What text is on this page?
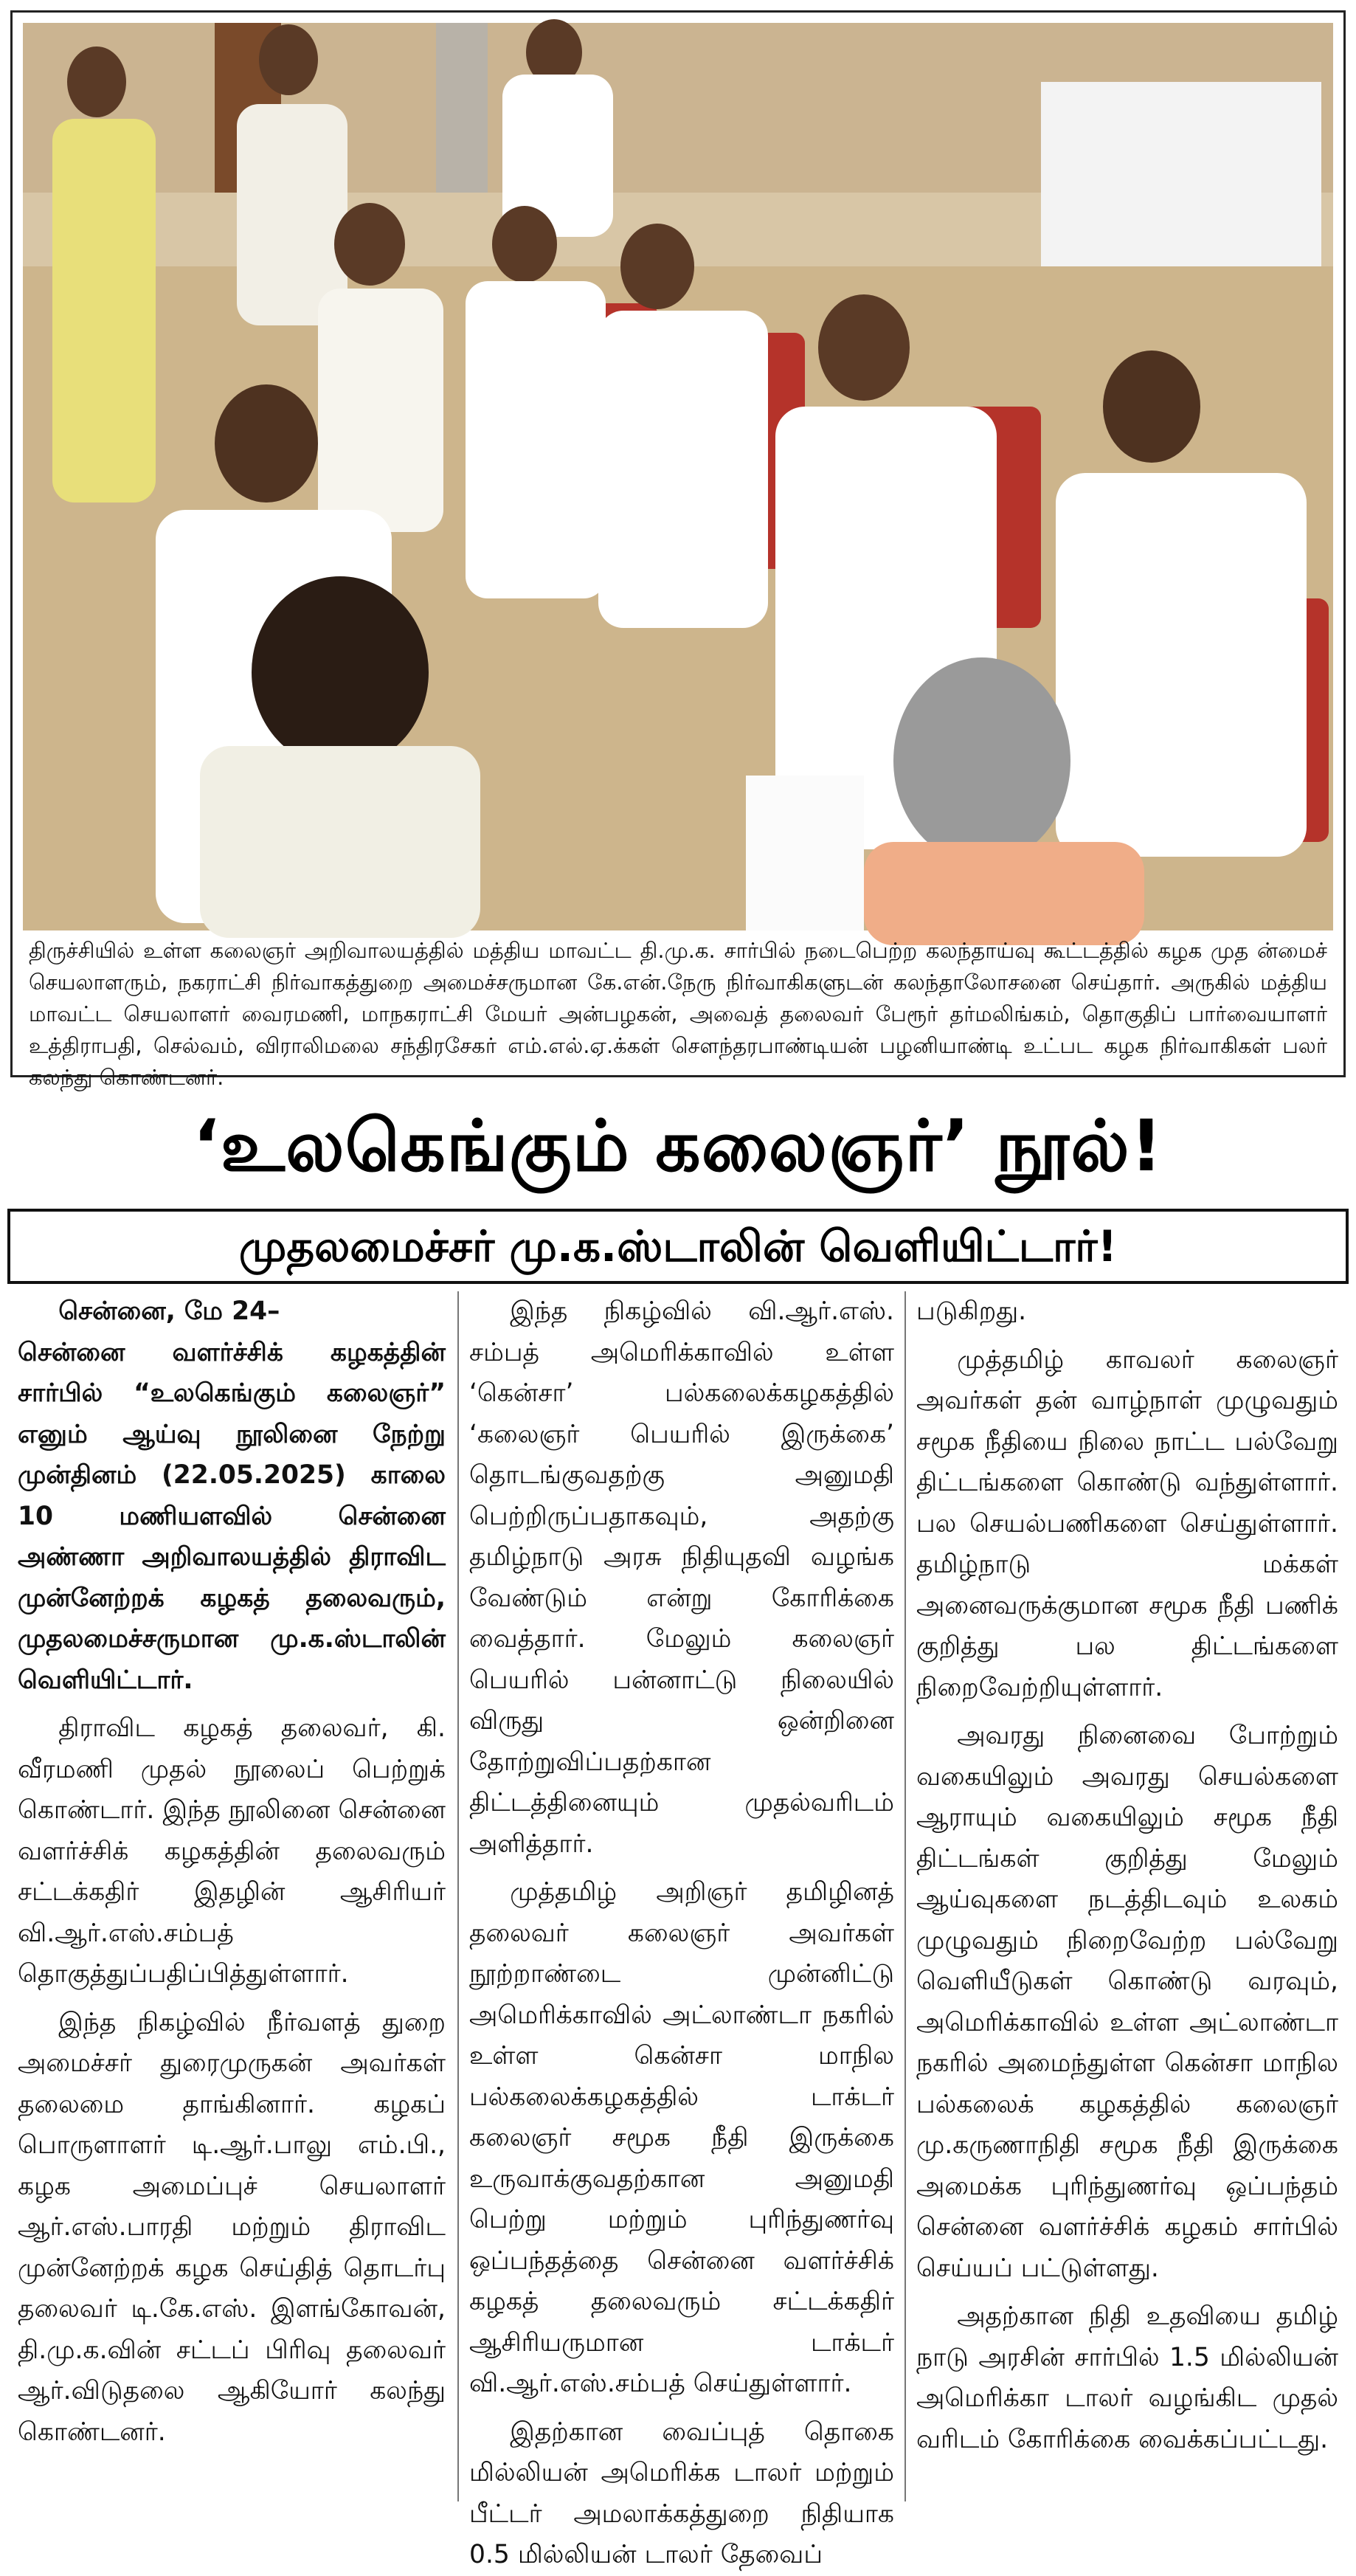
திருச்சியில் உள்ள கலைஞர் அறிவாலயத்தில் மத்திய மாவட்ட தி.மு.க. சார்பில் நடைபெற்ற கலந்தாய்வு கூட்டத்தில் கழக முத ன்மைச் செயலாளரும், நகராட்சி நிர்வாகத்துறை அமைச்சருமான கே.என்.நேரு நிர்வாகிகளுடன் கலந்தாலோசனை செய்தார். அருகில் மத்திய மாவட்ட செயலாளர் வைரமணி, மாநகராட்சி மேயர் அன்பழகன், அவைத் தலைவர் பேரூர் தர்மலிங்கம், தொகுதிப் பார்வையாளர் உத்திராபதி, செல்வம், விராலிமலை சந்திரசேகர் எம்.எல்.ஏ.க்கள் சௌந்தரபாண்டியன் பழனியாண்டி உட்பட கழக நிர்வாகிகள் பலர் கலந்து கொண்டனர்.
‘உலகெங்கும் கலைஞர்’ நூல்!
முதலமைச்சர் மு.க.ஸ்டாலின் வெளியிட்டார்!

சென்னை, மே 24–
சென்னை வளர்ச்சிக் கழகத்தின் சார்பில் “உலகெங்கும் கலைஞர்” எனும் ஆய்வு நூலினை நேற்று முன்தினம் (22.05.2025) காலை 10 மணியளவில் சென்னை அண்ணா அறிவாலயத்தில் திராவிட முன்னேற்றக் கழகத் தலைவரும், முதலமைச்சருமான மு.க.ஸ்டாலின் வெளியிட்டார்.

திராவிட கழகத் தலைவர், கி. வீரமணி முதல் நூலைப் பெற்றுக் கொண்டார். இந்த நூலினை சென்னை வளர்ச்சிக் கழகத்தின் தலைவரும் சட்டக்கதிர் இதழின் ஆசிரியர் வி.ஆர்.எஸ்.சம்பத் தொகுத்துப்பதிப்பித்துள்ளார்.

இந்த நிகழ்வில் நீர்வளத் துறை அமைச்சர் துரைமுருகன் அவர்கள் தலைமை தாங்கினார். கழகப் பொருளாளர் டி.ஆர்.பாலு எம்.பி., கழக அமைப்புச் செயலாளர் ஆர்.எஸ்.பாரதி மற்றும் திராவிட முன்னேற்றக் கழக செய்தித் தொடர்பு தலைவர் டி.கே.எஸ். இளங்கோவன், தி.மு.க.வின் சட்டப் பிரிவு தலைவர் ஆர்.விடுதலை ஆகியோர் கலந்து கொண்டனர்.

இந்த நிகழ்வில் வி.ஆர்.எஸ். சம்பத் அமெரிக்காவில் உள்ள ‘கென்சா’ பல்கலைக்கழகத்தில் ‘கலைஞர் பெயரில் இருக்கை’ தொடங்குவதற்கு அனுமதி பெற்றிருப்பதாகவும், அதற்கு தமிழ்நாடு அரசு நிதியுதவி வழங்க வேண்டும் என்று கோரிக்கை வைத்தார். மேலும் கலைஞர் பெயரில் பன்னாட்டு நிலையில் விருது ஒன்றினை தோற்றுவிப்பதற்கான திட்டத்தினையும் முதல்வரிடம் அளித்தார்.

முத்தமிழ் அறிஞர் தமிழினத் தலைவர் கலைஞர் அவர்கள் நூற்றாண்டை முன்னிட்டு அமெரிக்காவில் அட்லாண்டா நகரில் உள்ள கென்சா மாநில பல்கலைக்கழகத்தில் டாக்டர் கலைஞர் சமூக நீதி இருக்கை உருவாக்குவதற்கான அனுமதி பெற்று மற்றும் புரிந்துணர்வு ஒப்பந்தத்தை சென்னை வளர்ச்சிக் கழகத் தலைவரும் சட்டக்கதிர் ஆசிரியருமான டாக்டர் வி.ஆர்.எஸ்.சம்பத் செய்துள்ளார்.

இதற்கான வைப்புத் தொகை மில்லியன் அமெரிக்க டாலர் மற்றும் பீட்டர் அமலாக்கத்துறை நிதியாக 0.5 மில்லியன் டாலர் தேவைப்

படுகிறது.

முத்தமிழ் காவலர் கலைஞர் அவர்கள் தன் வாழ்நாள் முழுவதும் சமூக நீதியை நிலை நாட்ட பல்வேறு திட்டங்களை கொண்டு வந்துள்ளார். பல செயல்பணிகளை செய்துள்ளார். தமிழ்நாடு மக்கள் அனைவருக்குமான சமூக நீதி பணிக் குறித்து பல திட்டங்களை நிறைவேற்றியுள்ளார்.

அவரது நினைவை போற்றும் வகையிலும் அவரது செயல்களை ஆராயும் வகையிலும் சமூக நீதி திட்டங்கள் குறித்து மேலும் ஆய்வுகளை நடத்திடவும் உலகம் முழுவதும் நிறைவேற்ற பல்வேறு வெளியீடுகள் கொண்டு வரவும், அமெரிக்காவில் உள்ள அட்லாண்டா நகரில் அமைந்துள்ள கென்சா மாநில பல்கலைக் கழகத்தில் கலைஞர் மு.கருணாநிதி சமூக நீதி இருக்கை அமைக்க புரிந்துணர்வு ஒப்பந்தம் சென்னை வளர்ச்சிக் கழகம் சார்பில் செய்யப் பட்டுள்ளது.

அதற்கான நிதி உதவியை தமிழ் நாடு அரசின் சார்பில் 1.5 மில்லியன் அமெரிக்கா டாலர் வழங்கிட முதல் வரிடம் கோரிக்கை வைக்கப்பட்டது.
